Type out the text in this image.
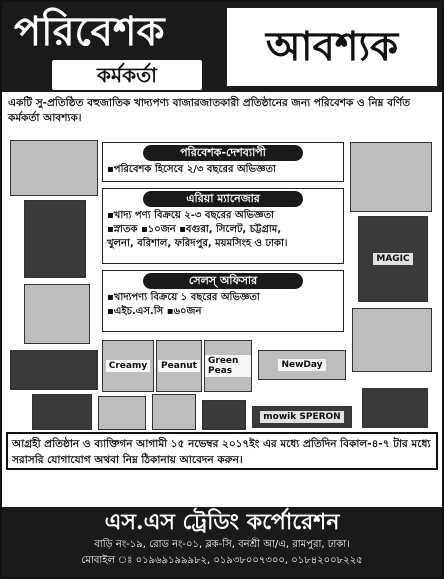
পরিবেশক	আবশ্যক
কর্মকর্তা
একটি সু-প্রতিষ্ঠিত বহুজাতিক খাদ্যপণ্য বাজারজাতকারী প্রতিষ্ঠানের জন্য পরিবেশক ও নিম্ন বর্ণিত কর্মকর্তা আবশ্যক।
MAGIC
পরিবেশক-দেশব্যাপী
▪পরিবেশক হিসেবে ২/৩ বছরের অভিজ্ঞতা
এরিয়া ম্যানেজার
▪খাদ্য পণ্য বিক্রয়ে ২-৩ বছরের অভিজ্ঞতা
▪স্নাতক ▪১০জন ▪বগুরা, সিলেট, চট্টগ্রাম,
খুলনা, বরিশাল, ফরিদপুর, ময়মসিংহ ও ঢাকা।
সেলস্ অফিসার
▪খাদ্যপণ্য বিক্রয়ে ১ বছরের অভিজ্ঞতা
▪এইচ.এস.সি ▪৬০জন
Creamy	Peanut	Green Peas
NewDay
mowik SPERON
আগ্রহী প্রতিষ্ঠান ও ব্যাক্তিগন আগামী ১৫ নভেম্বর ২০১৭ইং এর মধ্যে প্রতিদিন বিকাল-৪-৭ টার মধ্যে সরাসরি যোগাযোগ অথবা নিম্ন ঠিকানায় আবেদন করুন।
এস.এস ট্রেডিং কর্পোরেশন
বাড়ি নং-১৯, রোড নং-০১, ব্লক-সি, বনশ্রী আ/এ, রামপুরা, ঢাকা।
মোবাইল ঃ ০১৯৬৯১৯৯৯৮২, ০১৯৩৮০০৭৩০০, ০১৮৪২০০৮২২৫
